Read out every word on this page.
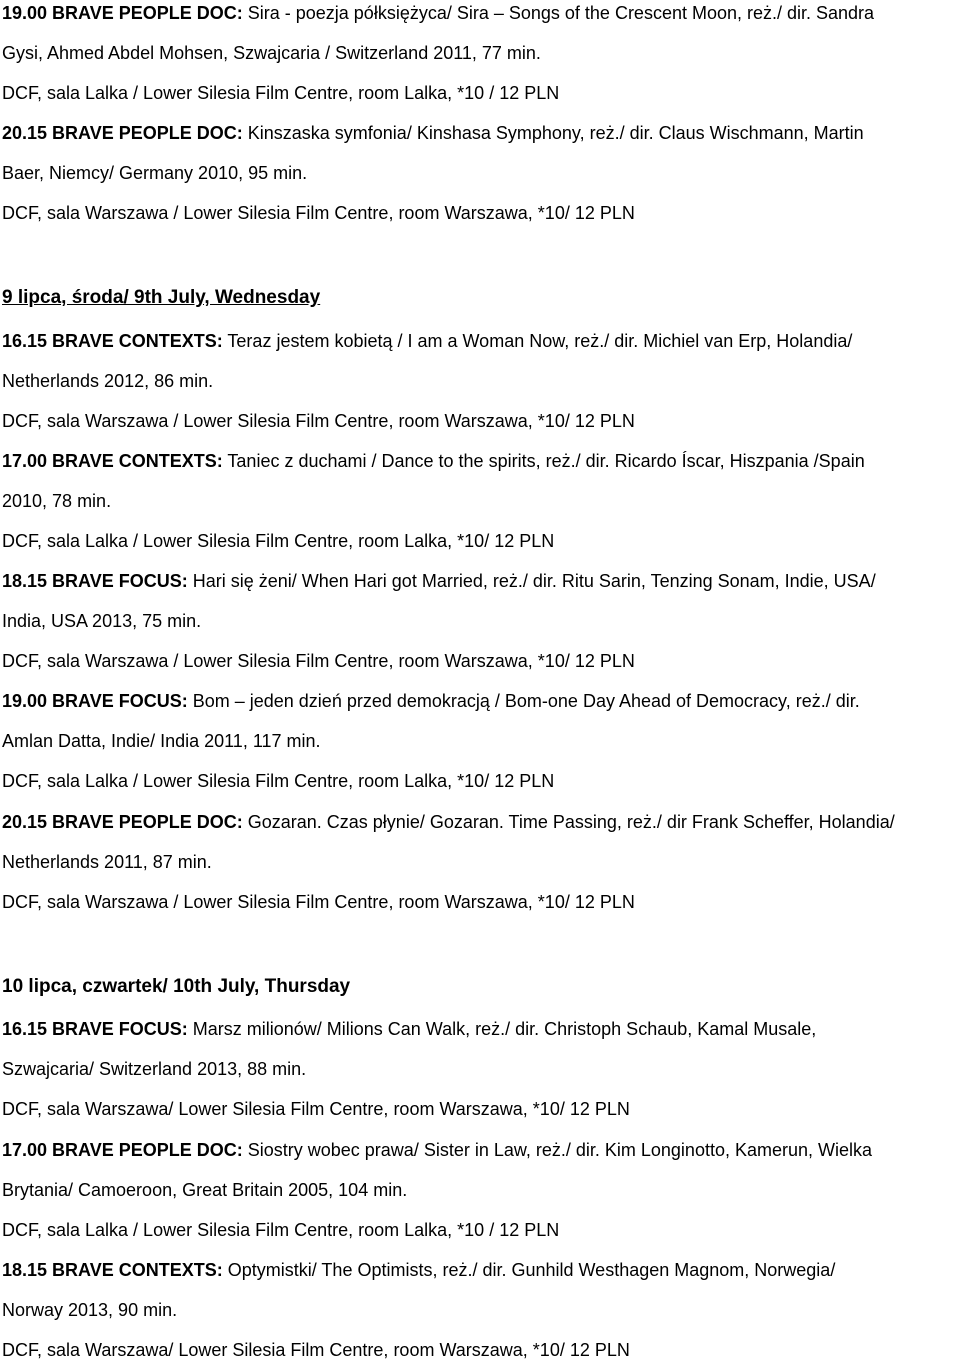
19.00 BRAVE PEOPLE DOC: Sira - poezja półksiężyca/ Sira – Songs of the Crescent Moon, reż./ dir. Sandra
Gysi, Ahmed Abdel Mohsen, Szwajcaria / Switzerland 2011, 77 min.
DCF, sala Lalka / Lower Silesia Film Centre, room Lalka, *10 / 12 PLN
20.15 BRAVE PEOPLE DOC: Kinszaska symfonia/ Kinshasa Symphony, reż./ dir. Claus Wischmann, Martin
Baer, Niemcy/ Germany 2010, 95 min.
DCF, sala Warszawa / Lower Silesia Film Centre, room Warszawa, *10/ 12 PLN
9 lipca, środa/ 9th July, Wednesday
16.15 BRAVE CONTEXTS: Teraz jestem kobietą / I am a Woman Now, reż./ dir. Michiel van Erp, Holandia/
Netherlands 2012, 86 min.
DCF, sala Warszawa / Lower Silesia Film Centre, room Warszawa, *10/ 12 PLN
17.00 BRAVE CONTEXTS: Taniec z duchami / Dance to the spirits, reż./ dir. Ricardo Íscar, Hiszpania /Spain
2010, 78 min.
DCF, sala Lalka / Lower Silesia Film Centre, room Lalka, *10/ 12 PLN
18.15 BRAVE FOCUS: Hari się żeni/ When Hari got Married, reż./ dir. Ritu Sarin, Tenzing Sonam, Indie, USA/
India, USA 2013, 75 min.
DCF, sala Warszawa / Lower Silesia Film Centre, room Warszawa, *10/ 12 PLN
19.00 BRAVE FOCUS: Bom – jeden dzień przed demokracją / Bom-one Day Ahead of Democracy, reż./ dir.
Amlan Datta, Indie/ India 2011, 117 min.
DCF, sala Lalka / Lower Silesia Film Centre, room Lalka, *10/ 12 PLN
20.15 BRAVE PEOPLE DOC: Gozaran. Czas płynie/ Gozaran. Time Passing, reż./ dir Frank Scheffer, Holandia/
Netherlands 2011, 87 min.
DCF, sala Warszawa / Lower Silesia Film Centre, room Warszawa, *10/ 12 PLN
10 lipca, czwartek/ 10th July, Thursday
16.15 BRAVE FOCUS: Marsz milionów/ Milions Can Walk, reż./ dir. Christoph Schaub, Kamal Musale,
Szwajcaria/ Switzerland 2013, 88 min.
DCF, sala Warszawa/ Lower Silesia Film Centre, room Warszawa, *10/ 12 PLN
17.00 BRAVE PEOPLE DOC: Siostry wobec prawa/ Sister in Law, reż./ dir. Kim Longinotto, Kamerun, Wielka
Brytania/ Camoeroon, Great Britain 2005, 104 min.
DCF, sala Lalka / Lower Silesia Film Centre, room Lalka, *10 / 12 PLN
18.15 BRAVE CONTEXTS: Optymistki/ The Optimists, reż./ dir. Gunhild Westhagen Magnom, Norwegia/
Norway 2013, 90 min.
DCF, sala Warszawa/ Lower Silesia Film Centre, room Warszawa, *10/ 12 PLN
